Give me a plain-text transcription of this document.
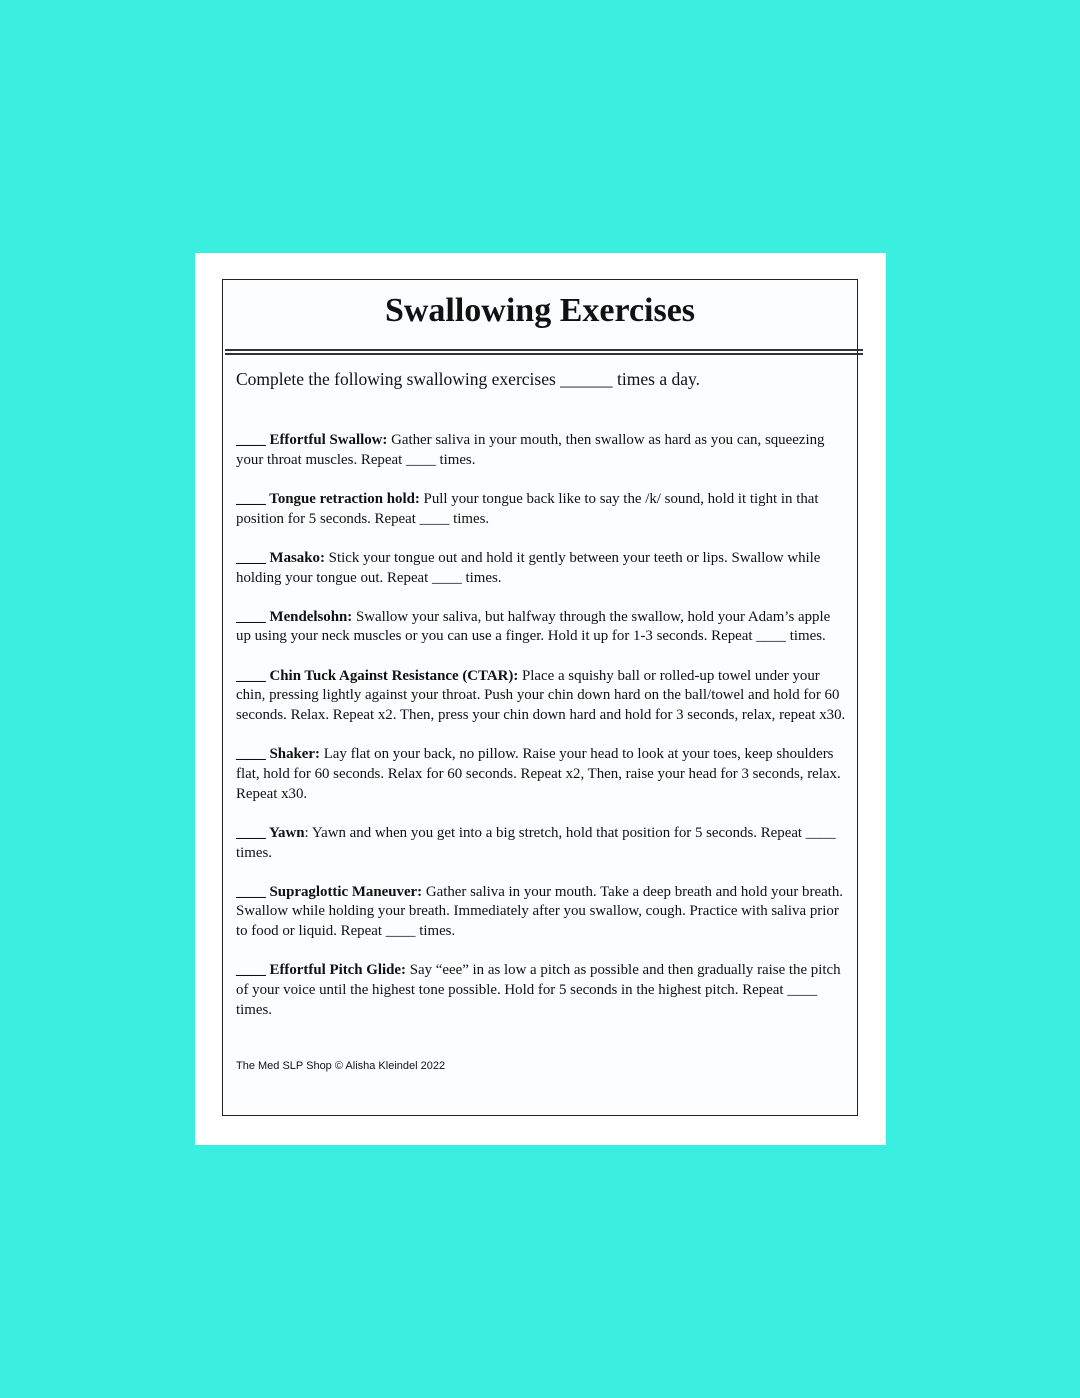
Swallowing Exercises

Complete the following swallowing exercises ______ times a day.

____ Effortful Swallow: Gather saliva in your mouth, then swallow as hard as you can, squeezing your throat muscles. Repeat ____ times.
____ Tongue retraction hold: Pull your tongue back like to say the /k/ sound, hold it tight in that position for 5 seconds. Repeat ____ times.
____ Masako: Stick your tongue out and hold it gently between your teeth or lips. Swallow while holding your tongue out. Repeat ____ times.
____ Mendelsohn: Swallow your saliva, but halfway through the swallow, hold your Adam’s apple up using your neck muscles or you can use a finger. Hold it up for 1-3 seconds. Repeat ____ times.
____ Chin Tuck Against Resistance (CTAR): Place a squishy ball or rolled-up towel under your chin, pressing lightly against your throat. Push your chin down hard on the ball/towel and hold for 60 seconds. Relax. Repeat x2. Then, press your chin down hard and hold for 3 seconds, relax, repeat x30.
____ Shaker: Lay flat on your back, no pillow. Raise your head to look at your toes, keep shoulders flat, hold for 60 seconds. Relax for 60 seconds. Repeat x2, Then, raise your head for 3 seconds, relax. Repeat x30.
____ Yawn: Yawn and when you get into a big stretch, hold that position for 5 seconds. Repeat ____ times.
____ Supraglottic Maneuver: Gather saliva in your mouth. Take a deep breath and hold your breath. Swallow while holding your breath. Immediately after you swallow, cough. Practice with saliva prior to food or liquid. Repeat ____ times.
____ Effortful Pitch Glide: Say “eee” in as low a pitch as possible and then gradually raise the pitch of your voice until the highest tone possible. Hold for 5 seconds in the highest pitch. Repeat ____ times.

The Med SLP Shop © Alisha Kleindel 2022
